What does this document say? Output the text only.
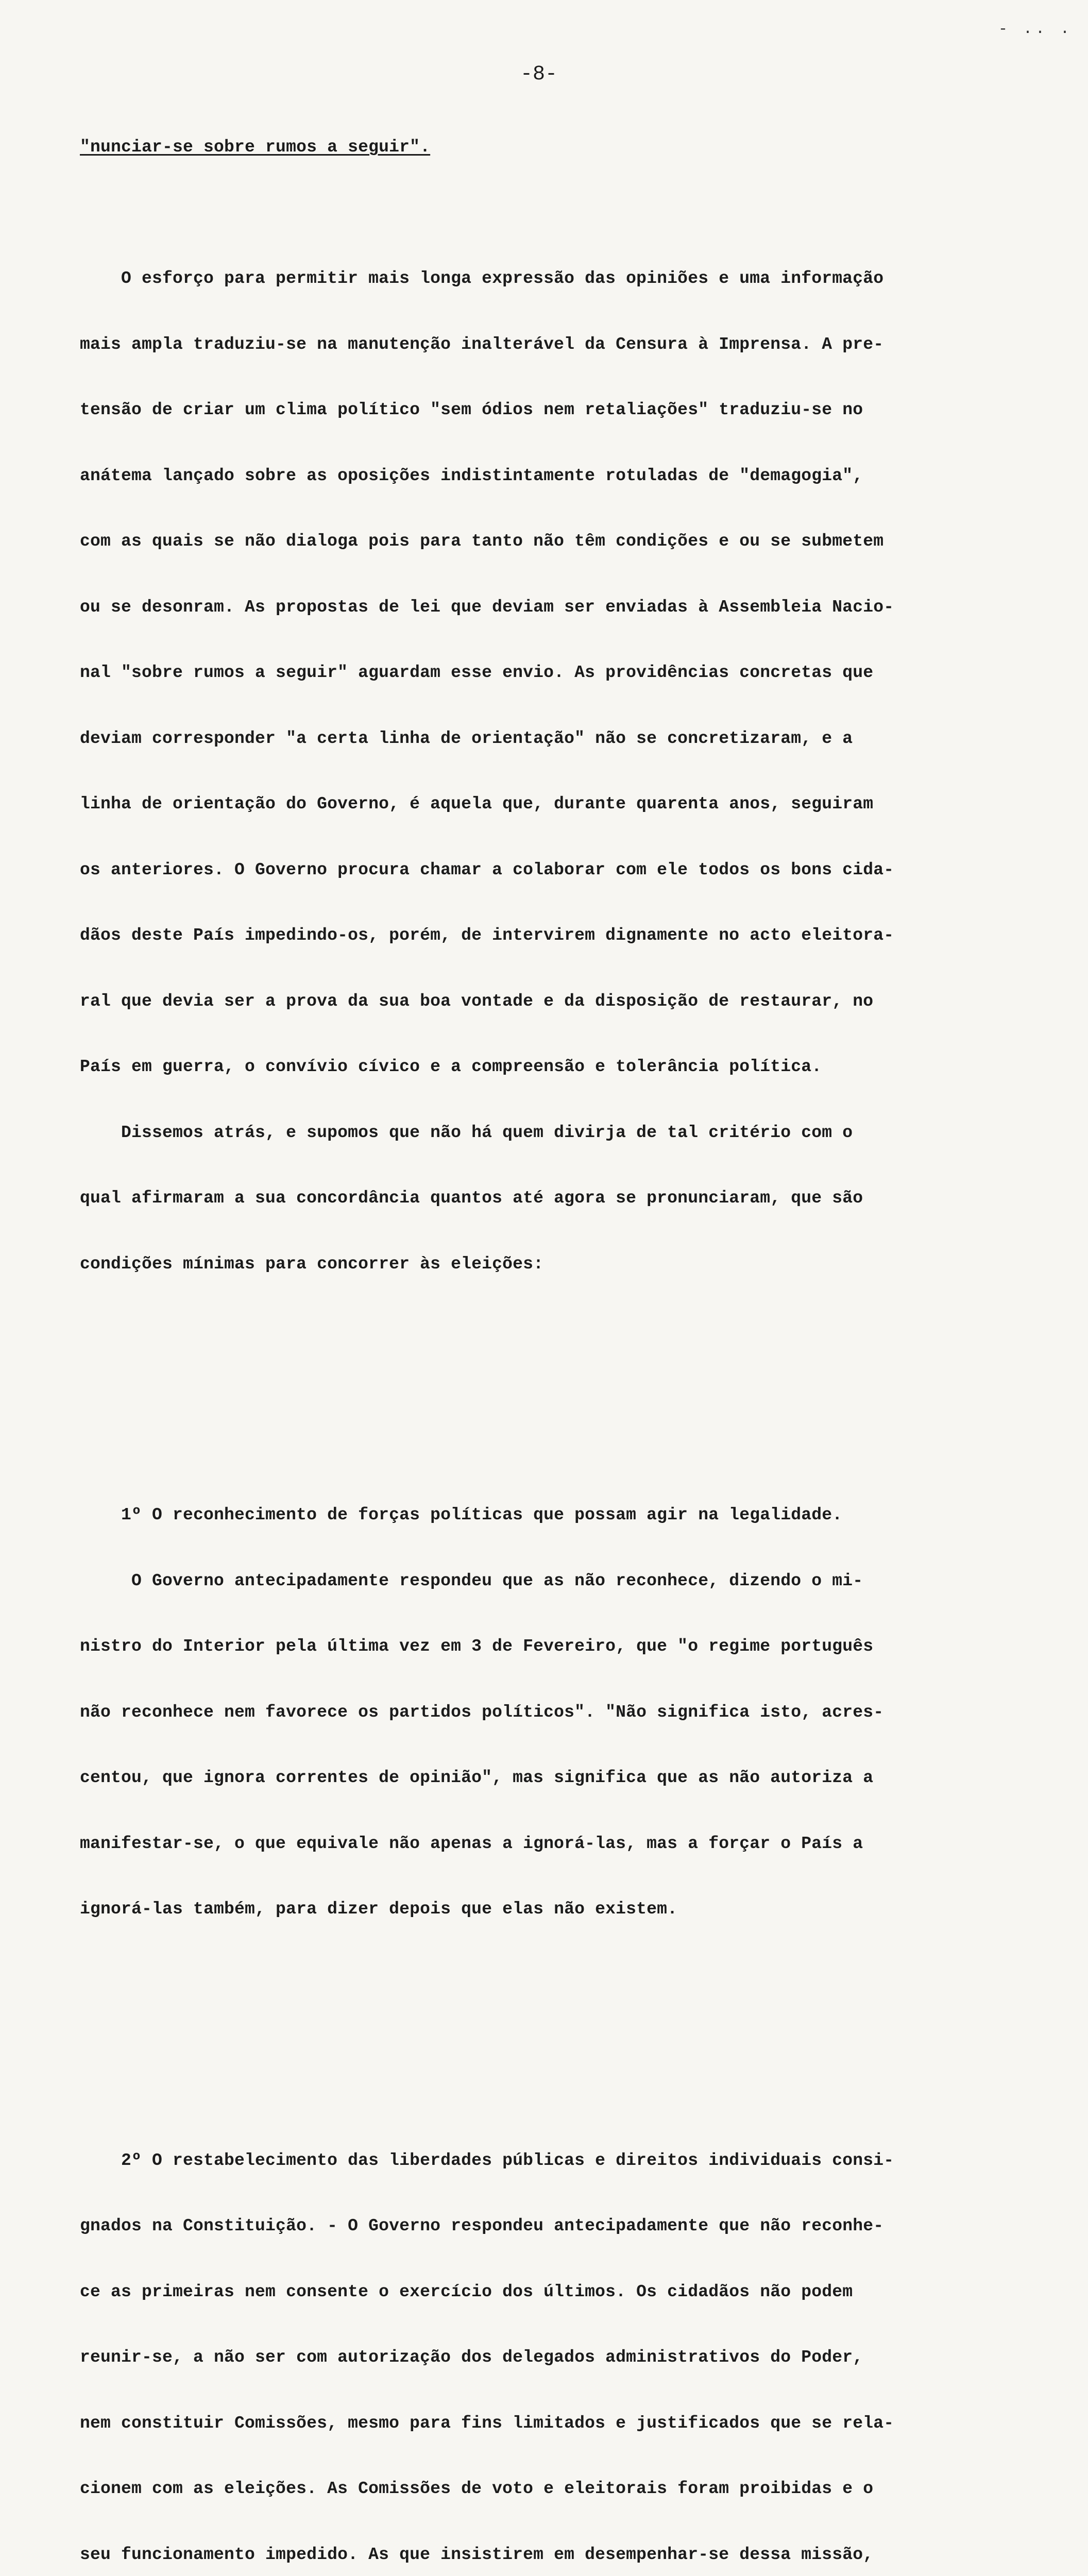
- .. .
-8-

"nunciar-se sobre rumos a seguir".

O esforço para permitir mais longa expressão das opiniões e uma informação

mais ampla traduziu-se na manutenção inalterável da Censura à Imprensa. A pre-

tensão de criar um clima político "sem ódios nem retaliações" traduziu-se no

anátema lançado sobre as oposições indistintamente rotuladas de "demagogia",

com as quais se não dialoga pois para tanto não têm condições e ou se submetem

ou se desonram. As propostas de lei que deviam ser enviadas à Assembleia Nacio-

nal "sobre rumos a seguir" aguardam esse envio. As providências concretas que

deviam corresponder "a certa linha de orientação" não se concretizaram, e a

linha de orientação do Governo, é aquela que, durante quarenta anos, seguiram

os anteriores. O Governo procura chamar a colaborar com ele todos os bons cida-

dãos deste País impedindo-os, porém, de intervirem dignamente no acto eleitora-

ral que devia ser a prova da sua boa vontade e da disposição de restaurar, no

País em guerra, o convívio cívico e a compreensão e tolerância política.

Dissemos atrás, e supomos que não há quem divirja de tal critério com o

qual afirmaram a sua concordância quantos até agora se pronunciaram, que são

condições mínimas para concorrer às eleições:

1º O reconhecimento de forças políticas que possam agir na legalidade.

O Governo antecipadamente respondeu que as não reconhece, dizendo o mi-

nistro do Interior pela última vez em 3 de Fevereiro, que "o regime português

não reconhece nem favorece os partidos políticos". "Não significa isto, acres-

centou, que ignora correntes de opinião", mas significa que as não autoriza a

manifestar-se, o que equivale não apenas a ignorá-las, mas a forçar o País a

ignorá-las também, para dizer depois que elas não existem.

2º O restabelecimento das liberdades públicas e direitos individuais consi-

gnados na Constituição. - O Governo respondeu antecipadamente que não reconhe-

ce as primeiras nem consente o exercício dos últimos. Os cidadãos não podem

reunir-se, a não ser com autorização dos delegados administrativos do Poder,

nem constituir Comissões, mesmo para fins limitados e justificados que se rela-

cionem com as eleições. As Comissões de voto e eleitorais foram proibidas e o

seu funcionamento impedido. As que insistirem em desempenhar-se dessa missão,
